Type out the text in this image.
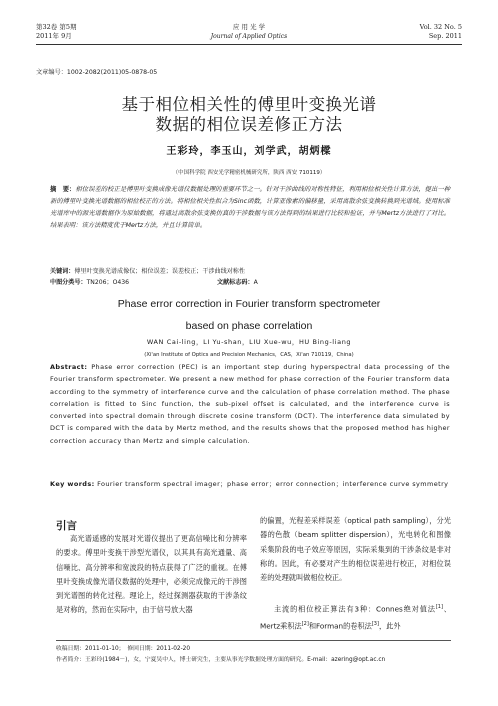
第32卷 第5期
2011年 9月
应 用 光 学
Journal of Applied Optics
Vol. 32 No. 5
Sep. 2011
文章编号：1002-2082(2011)05-0878-05
基于相位相关性的傅里叶变换光谱
数据的相位误差修正方法
王彩玲，李玉山，刘学武，胡炳樑
（中国科学院 西安光学精密机械研究所，陕西 西安 710119）
摘　要：相位误差的校正是傅里叶变换成像光谱仪数据处理的重要环节之一。针对干涉曲线的对称性特征，利用相位相关性计算方法，提出一种新的傅里叶变换光谱数据的相位校正的方法。将相位相关性拟合为Sinc函数，计算亚像素的偏移量，采用离散余弦变换转换到光谱域。使用标准光谱库中的源光谱数据作为原始数据，将通过离散余弦变换仿真的干涉数据与该方法得到的结果进行比较和验证，并与Mertz方法进行了对比。结果表明：该方法精度优于Mertz方法，并且计算简单。
关键词：傅里叶变换光谱成像仪；相位误差；误差校正；干涉曲线对称性
中图分类号：TN206；O436	文献标志码：A
Phase error correction in Fourier transform spectrometer
based on phase correlation
WAN Cai-ling，LI Yu-shan，LIU Xue-wu，HU Bing-liang
(Xi'an Institute of Optics and Precision Mechanics，CAS，Xi'an 710119，China)
Abstract: Phase error correction (PEC) is an important step during hyperspectral data processing of the Fourier transform spectrometer. We present a new method for phase correction of the Fourier transform data according to the symmetry of interference curve and the calculation of phase correlation method. The phase correlation is fitted to Sinc function, the sub-pixel offset is calculated, and the interference curve is converted into spectral domain through discrete cosine transform (DCT). The interference data simulated by DCT is compared with the data by Mertz method, and the results shows that the proposed method has higher correction accuracy than Mertz and simple calculation.
Key words: Fourier transform spectral imager；phase error；error connection；interference curve symmetry
引言
高光谱遥感的发展对光谱仪提出了更高信噪比和分辨率的要求。傅里叶变换干涉型光谱仪，以其具有高光通量、高信噪比、高分辨率和宽波段的特点获得了广泛的重视。在傅里叶变换成像光谱仪数据的处理中，必须完成像元的干涉图到光谱图的转化过程。理论上，经过探测器获取的干涉条纹是对称的，然而在实际中，由于信号放大器
的偏置，光程差采样误差（optical path sampling），分光器的色散（beam splitter dispersion），光电转化和图像采集阶段的电子效应等原因，实际采集到的干涉条纹是非对称的。因此，有必要对产生的相位误差进行校正，对相位误差的处理就叫做相位校正。
主流的相位校正算法有3种：Connes绝对值法[1]、Mertz乘积法[2]和Forman的卷积法[3]，此外
收稿日期：2011-01-10；　修回日期：2011-02-20
作者简介：王彩玲(1984－)，女，宁夏吴中人，博士研究生，主要从事光学数据处理方面的研究。E-mail：azering@opt.ac.cn
